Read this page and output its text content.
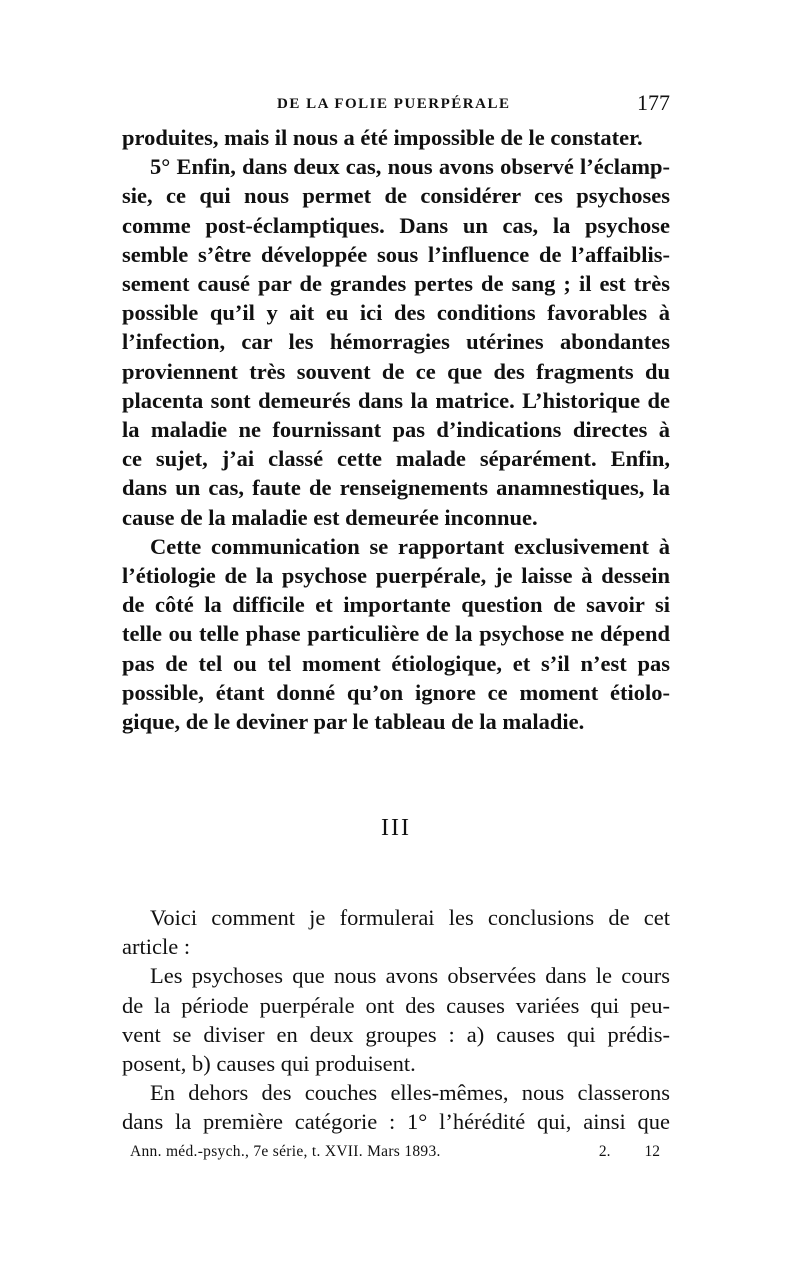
DE LA FOLIE PUERPÉRALE	177
produites, mais il nous a été impossible de le constater.
5° Enfin, dans deux cas, nous avons observé l’éclamp-
sie, ce qui nous permet de considérer ces psychoses
comme post-éclamptiques. Dans un cas, la psychose
semble s’être développée sous l’influence de l’affaiblis-
sement causé par de grandes pertes de sang ; il est très
possible qu’il y ait eu ici des conditions favorables à
l’infection, car les hémorragies utérines abondantes
proviennent très souvent de ce que des fragments du
placenta sont demeurés dans la matrice. L’historique de
la maladie ne fournissant pas d’indications directes à
ce sujet, j’ai classé cette malade séparément. Enfin,
dans un cas, faute de renseignements anamnestiques, la
cause de la maladie est demeurée inconnue.
Cette communication se rapportant exclusivement à
l’étiologie de la psychose puerpérale, je laisse à dessein
de côté la difficile et importante question de savoir si
telle ou telle phase particulière de la psychose ne dépend
pas de tel ou tel moment étiologique, et s’il n’est pas
possible, étant donné qu’on ignore ce moment étiolo-
gique, de le deviner par le tableau de la maladie.
III
Voici comment je formulerai les conclusions de cet
article :
Les psychoses que nous avons observées dans le cours
de la période puerpérale ont des causes variées qui peu-
vent se diviser en deux groupes : a) causes qui prédis-
posent, b) causes qui produisent.
En dehors des couches elles-mêmes, nous classerons
dans la première catégorie : 1° l’hérédité qui, ainsi que
Ann. méd.-psych., 7e série, t. XVII. Mars 1893.	2. 12
